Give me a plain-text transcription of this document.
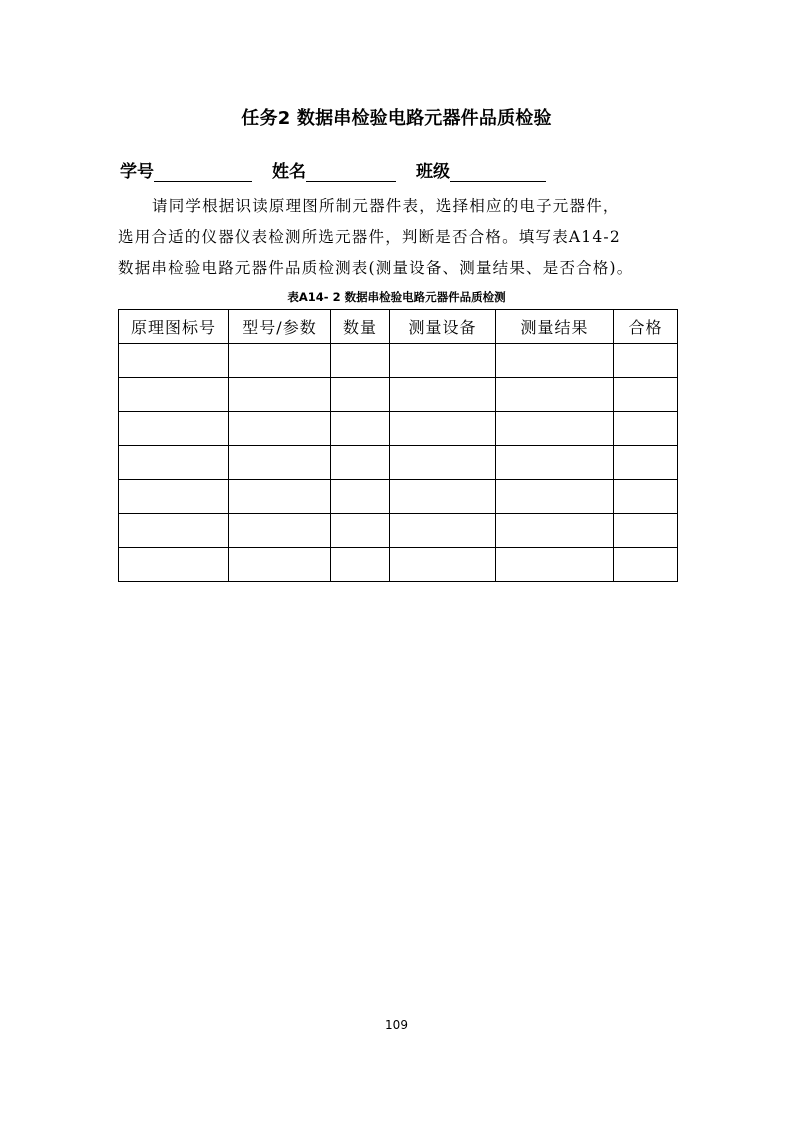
任务2 数据串检验电路元器件品质检验
学号	姓名	班级
请同学根据识读原理图所制元器件表，选择相应的电子元器件，
选用合适的仪器仪表检测所选元器件，判断是否合格。填写表A14-2
数据串检验电路元器件品质检测表(测量设备、测量结果、是否合格)。
表A14- 2 数据串检验电路元器件品质检测
原理图标号	型号/参数	数量	测量设备	测量结果	合格

109
